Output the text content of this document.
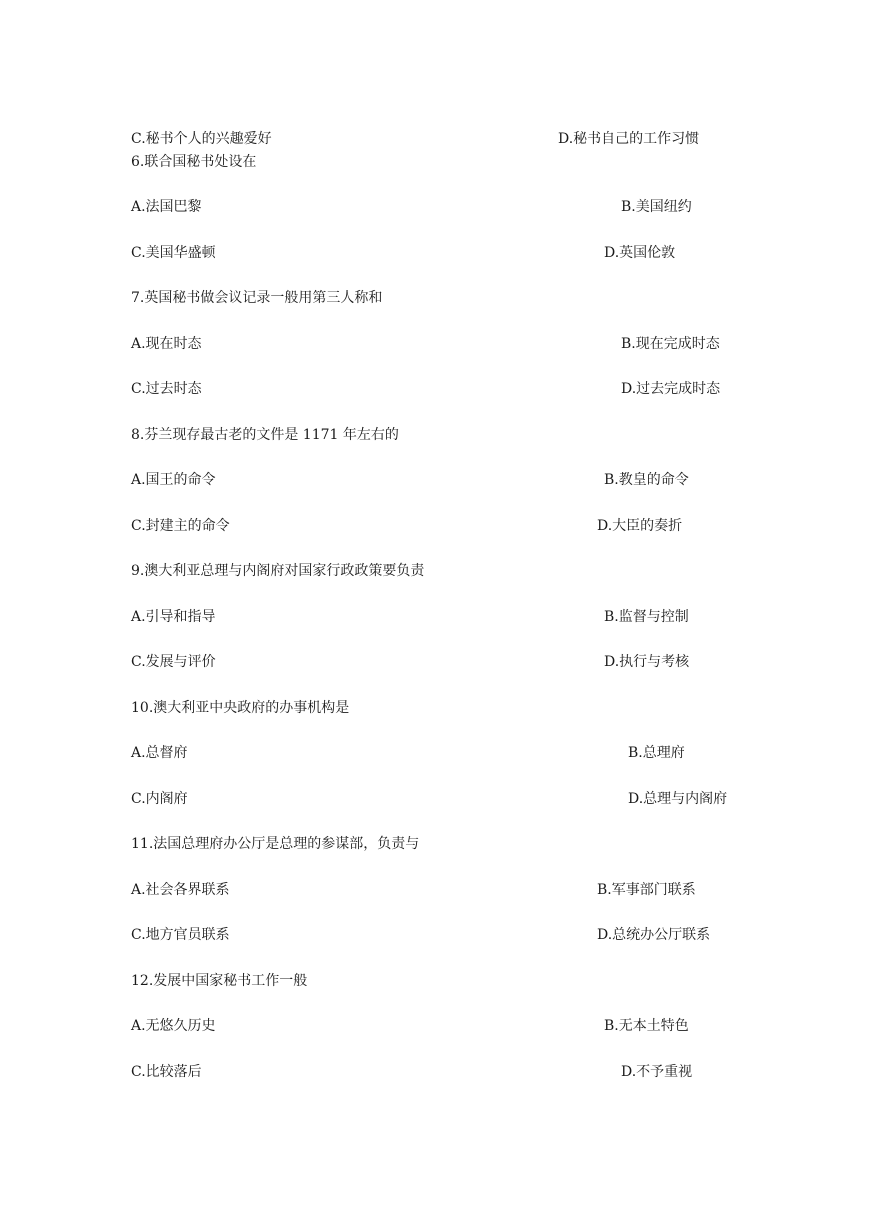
C.秘书个人的兴趣爱好	D.秘书自己的工作习惯
6.联合国秘书处设在
A.法国巴黎	B.美国纽约
C.美国华盛顿	D.英国伦敦
7.英国秘书做会议记录一般用第三人称和
A.现在时态	B.现在完成时态
C.过去时态	D.过去完成时态
8.芬兰现存最古老的文件是 1171 年左右的
A.国王的命令	B.教皇的命令
C.封建主的命令	D.大臣的奏折
9.澳大利亚总理与内阁府对国家行政政策要负责
A.引导和指导	B.监督与控制
C.发展与评价	D.执行与考核
10.澳大利亚中央政府的办事机构是
A.总督府	B.总理府
C.内阁府	D.总理与内阁府
11.法国总理府办公厅是总理的参谋部，负责与
A.社会各界联系	B.军事部门联系
C.地方官员联系	D.总统办公厅联系
12.发展中国家秘书工作一般
A.无悠久历史	B.无本土特色
C.比较落后	D.不予重视
